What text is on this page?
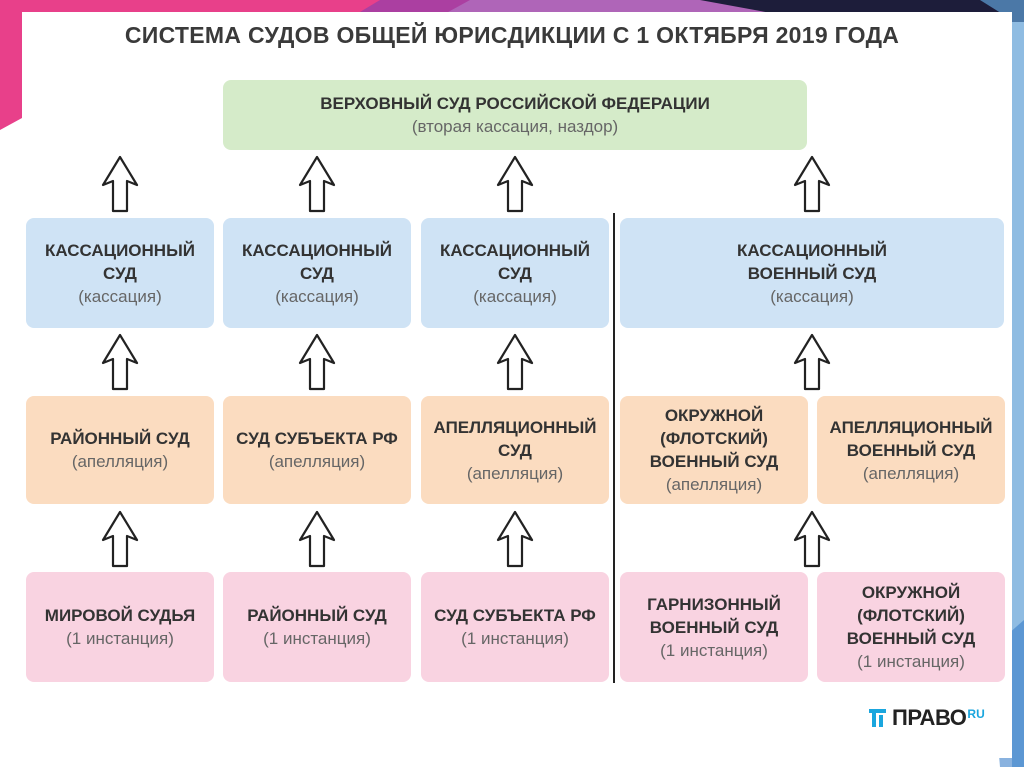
СИСТЕМА СУДОВ ОБЩЕЙ ЮРИСДИКЦИИ С 1 ОКТЯБРЯ 2019 ГОДА
ВЕРХОВНЫЙ СУД РОССИЙСКОЙ ФЕДЕРАЦИИ
(вторая кассация, наздор)
КАССАЦИОННЫЙ
СУД
(кассация)
КАССАЦИОННЫЙ
СУД
(кассация)
КАССАЦИОННЫЙ
СУД
(кассация)
КАССАЦИОННЫЙ
ВОЕННЫЙ СУД
(кассация)
РАЙОННЫЙ СУД
(апелляция)
СУД СУБЪЕКТА РФ
(апелляция)
АПЕЛЛЯЦИОННЫЙ
СУД
(апелляция)
ОКРУЖНОЙ
(ФЛОТСКИЙ)
ВОЕННЫЙ СУД
(апелляция)
АПЕЛЛЯЦИОННЫЙ
ВОЕННЫЙ СУД
(апелляция)
МИРОВОЙ СУДЬЯ
(1 инстанция)
РАЙОННЫЙ СУД
(1 инстанция)
СУД СУБЪЕКТА РФ
(1 инстанция)
ГАРНИЗОННЫЙ
ВОЕННЫЙ СУД
(1 инстанция)
ОКРУЖНОЙ
(ФЛОТСКИЙ)
ВОЕННЫЙ СУД
(1 инстанция)
ПРАВО RU
